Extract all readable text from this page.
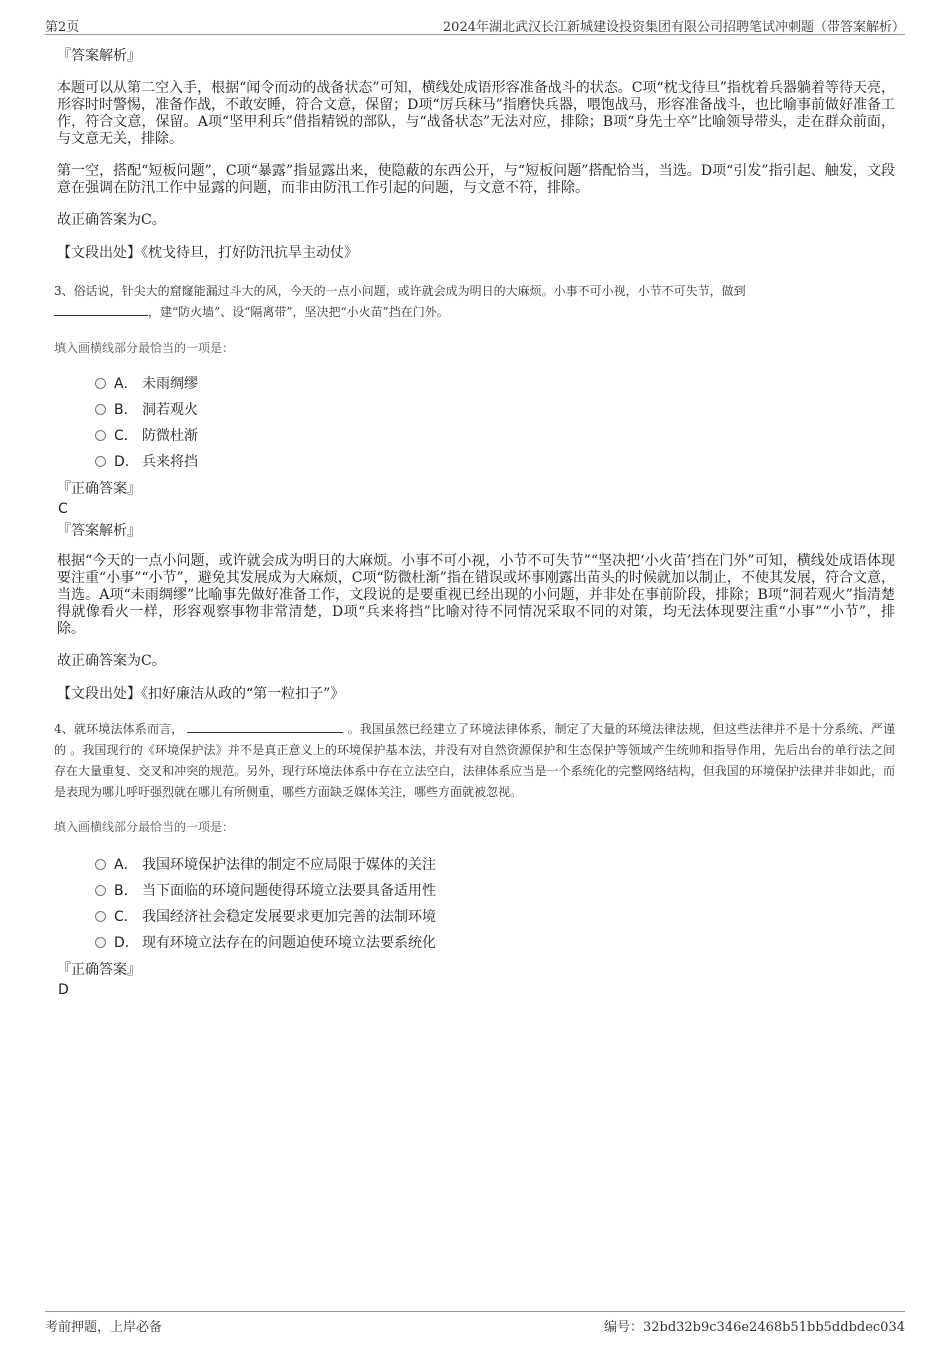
第2页	2024年湖北武汉长江新城建设投资集团有限公司招聘笔试冲刺题（带答案解析）

『答案解析』

本题可以从第二空入手，根据“闻令而动的战备状态”可知，横线处成语形容准备战斗的状态。C项“枕戈待旦”指枕着兵器躺着等待天亮，形容时时警惕，准备作战，不敢安睡，符合文意，保留；D项“厉兵秣马”指磨快兵器，喂饱战马，形容准备战斗，也比喻事前做好准备工作，符合文意，保留。A项“坚甲利兵”借指精锐的部队，与“战备状态”无法对应，排除；B项“身先士卒”比喻领导带头，走在群众前面，与文意无关，排除。

第一空，搭配“短板问题”，C项“暴露”指显露出来，使隐蔽的东西公开，与“短板问题”搭配恰当，当选。D项“引发”指引起、触发，文段意在强调在防汛工作中显露的问题，而非由防汛工作引起的问题，与文意不符，排除。

故正确答案为C。

【文段出处】《枕戈待旦，打好防汛抗旱主动仗》

3、俗话说，针尖大的窟窿能漏过斗大的风，今天的一点小问题，或许就会成为明日的大麻烦。小事不可小视，小节不可失节，做到
，建“防火墙”、设“隔离带”，坚决把“小火苗”挡在门外。

填入画横线部分最恰当的一项是：

A． 未雨绸缪
B． 洞若观火
C． 防微杜渐
D． 兵来将挡

『正确答案』

C

『答案解析』

根据“今天的一点小问题，或许就会成为明日的大麻烦。小事不可小视，小节不可失节”“坚决把‘小火苗’挡在门外”可知，横线处成语体现要注重“小事”“小节”，避免其发展成为大麻烦，C项“防微杜渐”指在错误或坏事刚露出苗头的时候就加以制止，不使其发展，符合文意，当选。A项“未雨绸缪”比喻事先做好准备工作，文段说的是要重视已经出现的小问题，并非处在事前阶段，排除；B项“洞若观火”指清楚得就像看火一样，形容观察事物非常清楚，D项“兵来将挡”比喻对待不同情况采取不同的对策，均无法体现要注重“小事”“小节”，排除。

故正确答案为C。

【文段出处】《扣好廉洁从政的“第一粒扣子”》

4、就环境法体系而言，	。我国虽然已经建立了环境法律体系，制定了大量的环境法律法规，但这些法律并不是十分系统、严谨 的 。我国现行的《环境保护法》并不是真正意义上的环境保护基本法，并没有对自然资源保护和生态保护等领域产生统帅和指导作用，先后出台的单行法之间存在大量重复、交叉和冲突的规范。另外，现行环境法体系中存在立法空白，法律体系应当是一个系统化的完整网络结构，但我国的环境保护法律并非如此，而是表现为哪儿呼吁强烈就在哪儿有所侧重，哪些方面缺乏媒体关注，哪些方面就被忽视。

填入画横线部分最恰当的一项是：

A． 我国环境保护法律的制定不应局限于媒体的关注
B． 当下面临的环境问题使得环境立法要具备适用性
C． 我国经济社会稳定发展要求更加完善的法制环境
D． 现有环境立法存在的问题迫使环境立法要系统化

『正确答案』

D

考前押题，上岸必备	编号：32bd32b9c346e2468b51bb5ddbdec034
